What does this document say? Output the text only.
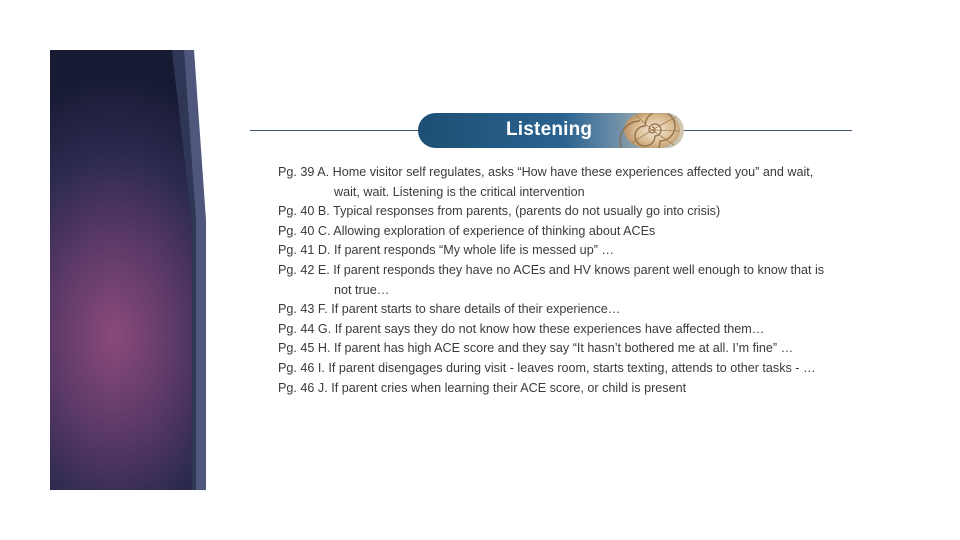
Listening
Pg. 39 A. Home visitor self regulates, asks “How have these experiences affected you” and wait,
wait, wait. Listening is the critical intervention
Pg. 40 B. Typical responses from parents, (parents do not usually go into crisis)
Pg. 40 C. Allowing exploration of experience of thinking about ACEs
Pg. 41 D. If parent responds “My whole life is messed up” …
Pg. 42 E. If parent responds they have no ACEs and HV knows parent well enough to know that is
not true…
Pg. 43 F. If parent starts to share details of their experience…
Pg. 44 G. If parent says they do not know how these experiences have affected them…
Pg. 45 H. If parent has high ACE score and they say “It hasn’t bothered me at all. I’m fine” …
Pg. 46 I. If parent disengages during visit - leaves room, starts texting, attends to other tasks - …
Pg. 46 J. If parent cries when learning their ACE score, or child is present
